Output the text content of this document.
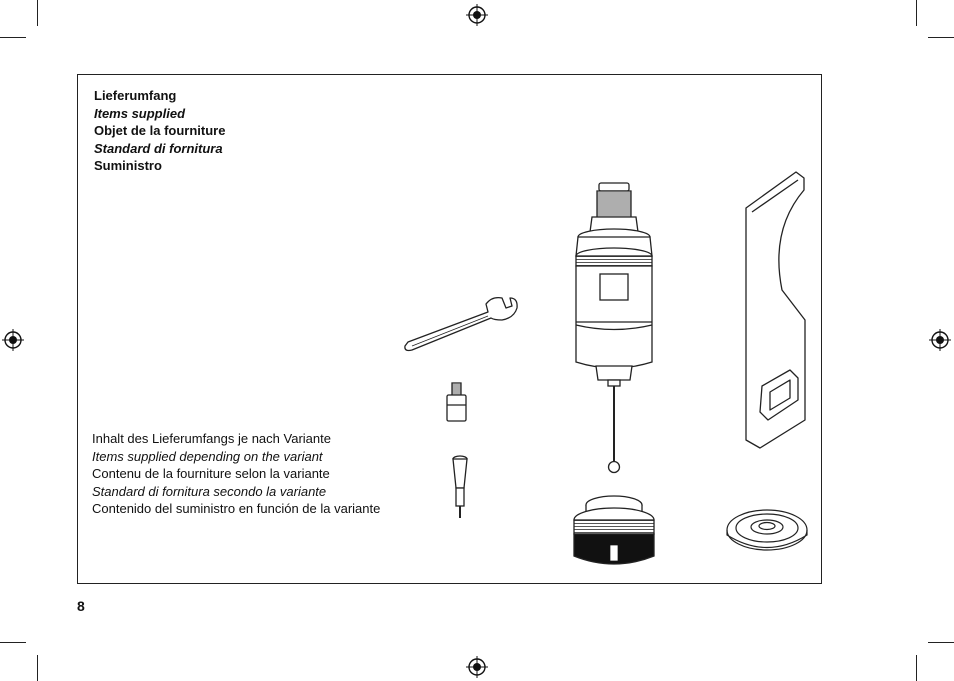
Lieferumfang
Items supplied
Objet de la fourniture
Standard di fornitura
Suministro
Inhalt des Lieferumfangs je nach Variante
Items supplied depending on the variant
Contenu de la fourniture selon la variante
Standard di fornitura secondo la variante
Contenido del suministro en función de la variante
8
